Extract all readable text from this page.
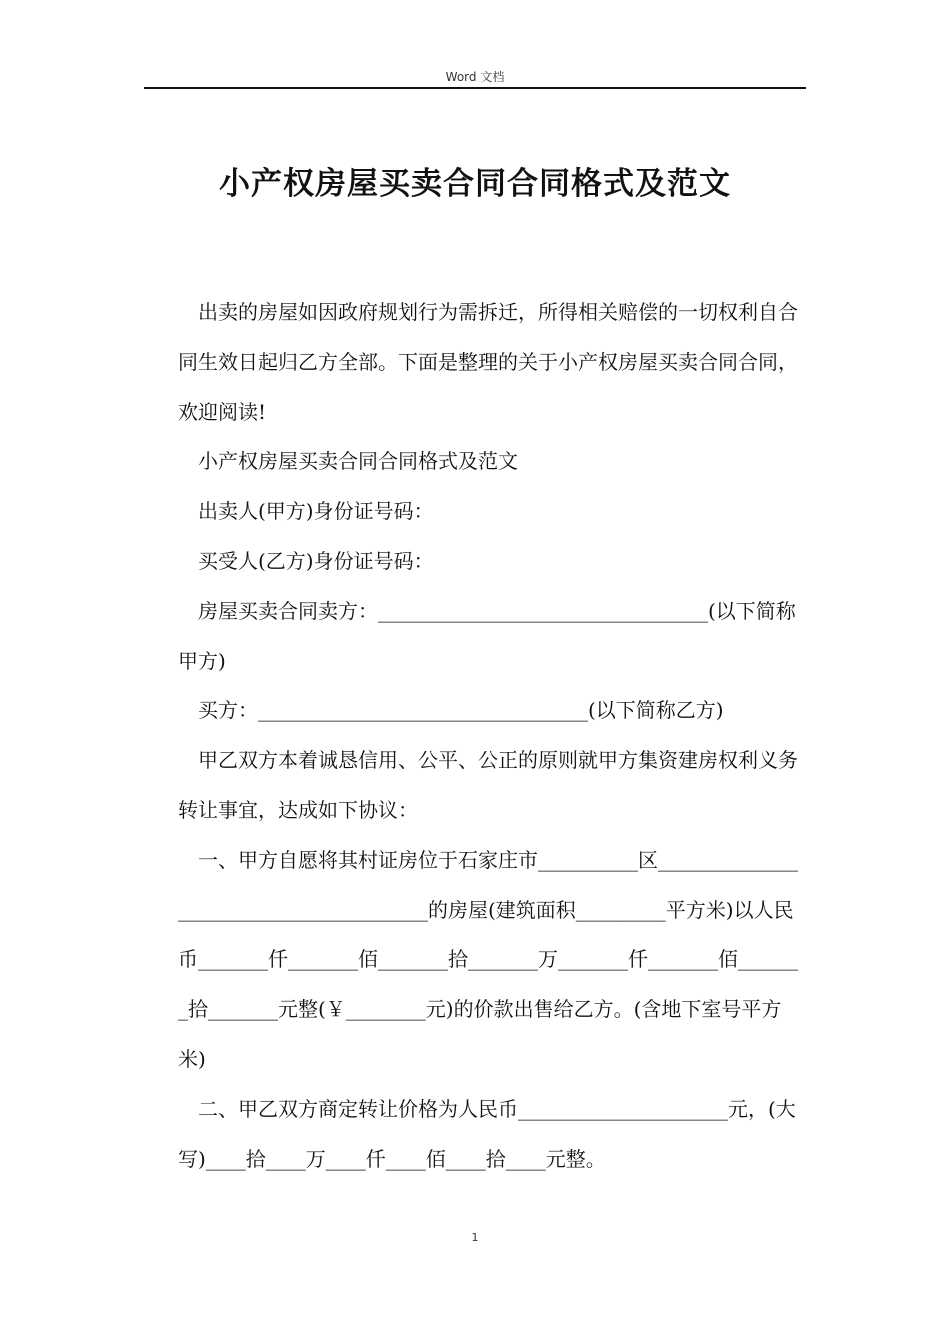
Word 文档
小产权房屋买卖合同合同格式及范文

出卖的房屋如因政府规划行为需拆迁，所得相关赔偿的一切权利自合同生效日起归乙方全部。下面是整理的关于小产权房屋买卖合同合同，欢迎阅读!

小产权房屋买卖合同合同格式及范文

出卖人(甲方)身份证号码：

买受人(乙方)身份证号码：

房屋买卖合同卖方：_________________________________(以下简称甲方)

买方：_________________________________(以下简称乙方)

甲乙双方本着诚恳信用、公平、公正的原则就甲方集资建房权利义务转让事宜，达成如下协议：

一、甲方自愿将其村证房位于石家庄市__________区_______________________________________的房屋(建筑面积_________平方米)以人民币_______仟_______佰_______拾_______万_______仟_______佰_______拾_______元整(￥________元)的价款出售给乙方。(含地下室号平方米)

二、甲乙双方商定转让价格为人民币_____________________元，(大写)____拾____万____仟____佰____拾____元整。

1
